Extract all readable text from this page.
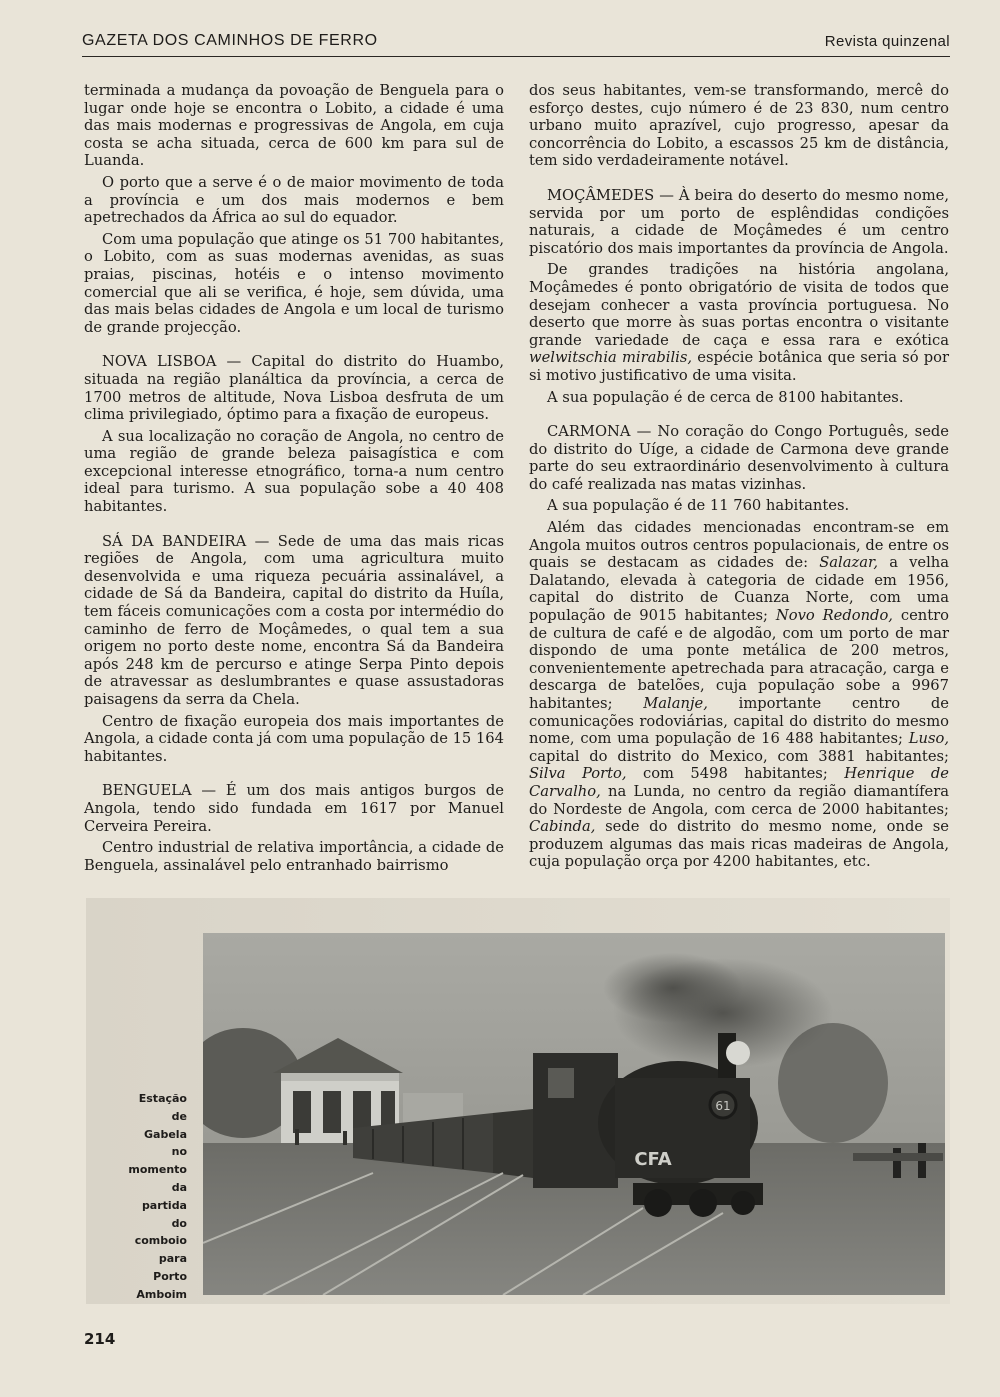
GAZETA DOS CAMINHOS DE FERRO	Revista quinzenal

terminada a mudança da povoação de Benguela para o lugar onde hoje se encontra o Lobito, a cidade é uma das mais modernas e progressivas de Angola, em cuja costa se acha situada, cerca de 600 km para sul de Luanda.

O porto que a serve é o de maior movimento de toda a província e um dos mais modernos e bem apetrechados da África ao sul do equador.

Com uma população que atinge os 51 700 habitantes, o Lobito, com as suas modernas avenidas, as suas praias, piscinas, hotéis e o intenso movimento comercial que ali se verifica, é hoje, sem dúvida, uma das mais belas cidades de Angola e um local de turismo de grande projecção.

NOVA LISBOA — Capital do distrito do Huambo, situada na região planáltica da província, a cerca de 1700 metros de altitude, Nova Lisboa desfruta de um clima privilegiado, óptimo para a fixação de europeus.

A sua localização no coração de Angola, no centro de uma região de grande beleza paisagística e com excepcional interesse etnográfico, torna-a num centro ideal para turismo. A sua população sobe a 40 408 habitantes.

SÁ DA BANDEIRA — Sede de uma das mais ricas regiões de Angola, com uma agricultura muito desenvolvida e uma riqueza pecuária assinalável, a cidade de Sá da Bandeira, capital do distrito da Huíla, tem fáceis comunicações com a costa por intermédio do caminho de ferro de Moçâmedes, o qual tem a sua origem no porto deste nome, encontra Sá da Bandeira após 248 km de percurso e atinge Serpa Pinto depois de atravessar as deslumbrantes e quase assustadoras paisagens da serra da Chela.

Centro de fixação europeia dos mais importantes de Angola, a cidade conta já com uma população de 15 164 habitantes.

BENGUELA — É um dos mais antigos burgos de Angola, tendo sido fundada em 1617 por Manuel Cerveira Pereira.

Centro industrial de relativa importância, a cidade de Benguela, assinalável pelo entranhado bairrismo

dos seus habitantes, vem-se transformando, mercê do esforço destes, cujo número é de 23 830, num centro urbano muito aprazível, cujo progresso, apesar da concorrência do Lobito, a escassos 25 km de distância, tem sido verdadeiramente notável.

MOÇÂMEDES — À beira do deserto do mesmo nome, servida por um porto de esplêndidas condições naturais, a cidade de Moçâmedes é um centro piscatório dos mais importantes da província de Angola.

De grandes tradições na história angolana, Moçâmedes é ponto obrigatório de visita de todos que desejam conhecer a vasta província portuguesa. No deserto que morre às suas portas encontra o visitante grande variedade de caça e essa rara e exótica welwitschia mirabilis, espécie botânica que seria só por si motivo justificativo de uma visita.

A sua população é de cerca de 8100 habitantes.

CARMONA — No coração do Congo Português, sede do distrito do Uíge, a cidade de Carmona deve grande parte do seu extraordinário desenvolvimento à cultura do café realizada nas matas vizinhas.

A sua população é de 11 760 habitantes.

Além das cidades mencionadas encontram-se em Angola muitos outros centros populacionais, de entre os quais se destacam as cidades de: Salazar, a velha Dalatando, elevada à categoria de cidade em 1956, capital do distrito de Cuanza Norte, com uma população de 9015 habitantes; Novo Redondo, centro de cultura de café e de algodão, com um porto de mar dispondo de uma ponte metálica de 200 metros, convenientemente apetrechada para atracação, carga e descarga de batelões, cuja população sobe a 9967 habitantes; Malanje, importante centro de comunicações rodoviárias, capital do distrito do mesmo nome, com uma população de 16 488 habitantes; Luso, capital do distrito do Mexico, com 3881 habitantes; Silva Porto, com 5498 habitantes; Henrique de Carvalho, na Lunda, no centro da região diamantífera do Nordeste de Angola, com cerca de 2000 habitantes; Cabinda, sede do distrito do mesmo nome, onde se produzem algumas das mais ricas madeiras de Angola, cuja população orça por 4200 habitantes, etc.

Estação
de
Gabela
no
momento
da
partida
do
comboio
para
Porto
Amboim
61
CFA
214
